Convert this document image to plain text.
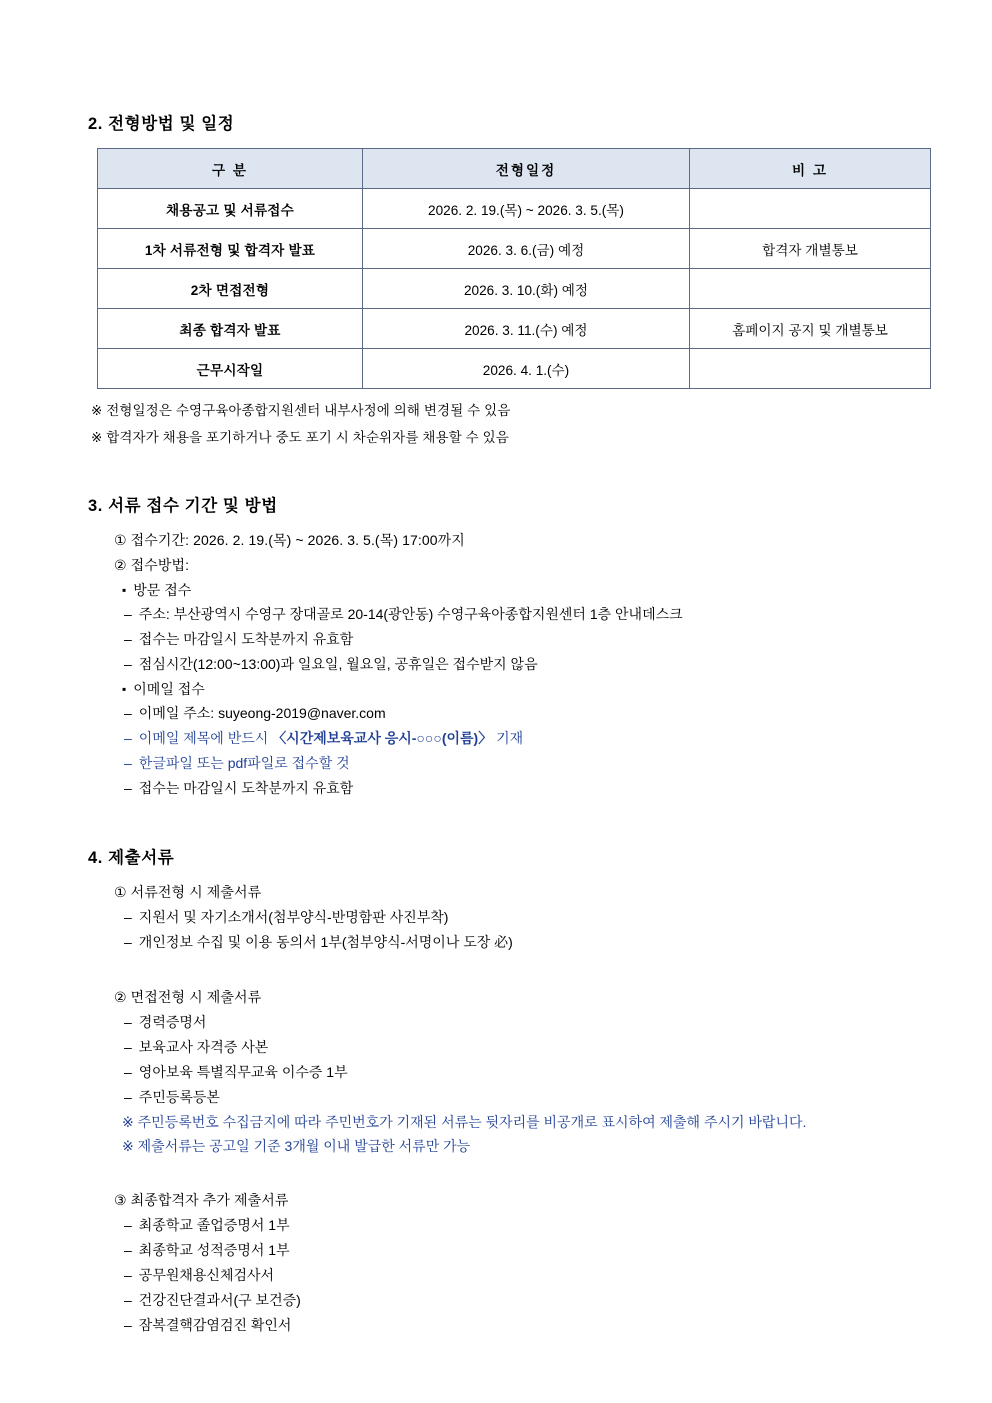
2. 전형방법 및 일정
구 분	전형일정	비 고
채용공고 및 서류접수	2026. 2. 19.(목) ~ 2026. 3. 5.(목)	
1차 서류전형 및 합격자 발표	2026. 3. 6.(금) 예정	합격자 개별통보
2차 면접전형	2026. 3. 10.(화) 예정	
최종 합격자 발표	2026. 3. 11.(수) 예정	홈페이지 공지 및 개별통보
근무시작일	2026. 4. 1.(수)	
※ 전형일정은 수영구육아종합지원센터 내부사정에 의해 변경될 수 있음
※ 합격자가 채용을 포기하거나 중도 포기 시 차순위자를 채용할 수 있음
3. 서류 접수 기간 및 방법
① 접수기간: 2026. 2. 19.(목) ~ 2026. 3. 5.(목) 17:00까지
② 접수방법:
▪ 방문 접수
– 주소: 부산광역시 수영구 장대골로 20-14(광안동) 수영구육아종합지원센터 1층 안내데스크
– 접수는 마감일시 도착분까지 유효함
– 점심시간(12:00~13:00)과 일요일, 월요일, 공휴일은 접수받지 않음
▪ 이메일 접수
– 이메일 주소: suyeong-2019@naver.com
– 이메일 제목에 반드시 〈시간제보육교사 응시-○○○(이름)〉 기재
– 한글파일 또는 pdf파일로 접수할 것
– 접수는 마감일시 도착분까지 유효함
4. 제출서류
① 서류전형 시 제출서류
– 지원서 및 자기소개서(첨부양식-반명함판 사진부착)
– 개인정보 수집 및 이용 동의서 1부(첨부양식-서명이나 도장 必)
② 면접전형 시 제출서류
– 경력증명서
– 보육교사 자격증 사본
– 영아보육 특별직무교육 이수증 1부
– 주민등록등본
※ 주민등록번호 수집금지에 따라 주민번호가 기재된 서류는 뒷자리를 비공개로 표시하여 제출해 주시기 바랍니다.
※ 제출서류는 공고일 기준 3개월 이내 발급한 서류만 가능
③ 최종합격자 추가 제출서류
– 최종학교 졸업증명서 1부
– 최종학교 성적증명서 1부
– 공무원채용신체검사서
– 건강진단결과서(구 보건증)
– 잠복결핵감염검진 확인서
